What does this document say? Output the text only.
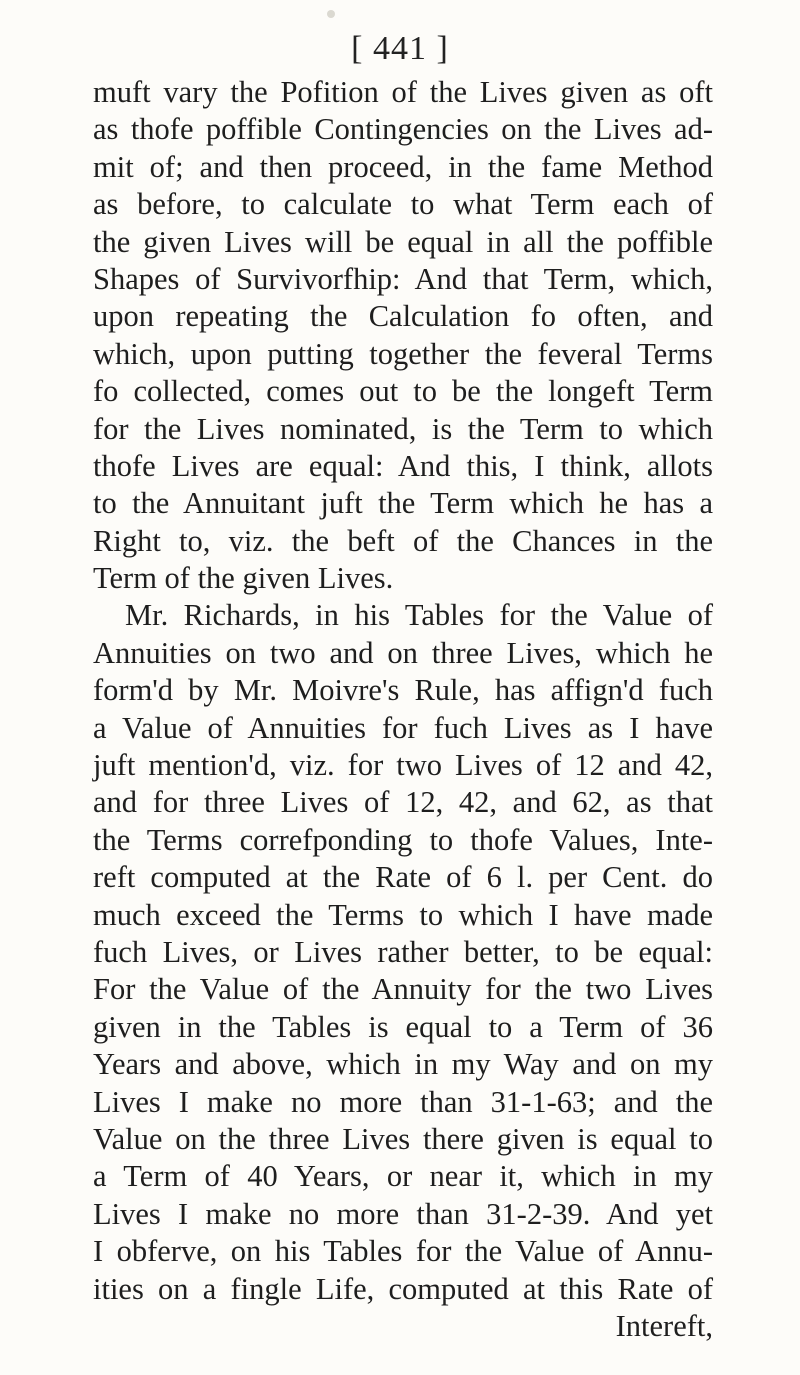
[ 441 ]
muft vary the Pofition of the Lives given as oft
as thofe poffible Contingencies on the Lives ad-
mit of; and then proceed, in the fame Method
as before, to calculate to what Term each of
the given Lives will be equal in all the poffible
Shapes of Survivorfhip: And that Term, which,
upon repeating the Calculation fo often, and
which, upon putting together the feveral Terms
fo collected, comes out to be the longeft Term
for the Lives nominated, is the Term to which
thofe Lives are equal: And this, I think, allots
to the Annuitant juft the Term which he has a
Right to, viz. the beft of the Chances in the
Term of the given Lives.
Mr. Richards, in his Tables for the Value of
Annuities on two and on three Lives, which he
form'd by Mr. Moivre's Rule, has affign'd fuch
a Value of Annuities for fuch Lives as I have
juft mention'd, viz. for two Lives of 12 and 42,
and for three Lives of 12, 42, and 62, as that
the Terms correfponding to thofe Values, Inte-
reft computed at the Rate of 6 l. per Cent. do
much exceed the Terms to which I have made
fuch Lives, or Lives rather better, to be equal:
For the Value of the Annuity for the two Lives
given in the Tables is equal to a Term of 36
Years and above, which in my Way and on my
Lives I make no more than 31-1-63; and the
Value on the three Lives there given is equal to
a Term of 40 Years, or near it, which in my
Lives I make no more than 31-2-39. And yet
I obferve, on his Tables for the Value of Annu-
ities on a fingle Life, computed at this Rate of
Intereft,
